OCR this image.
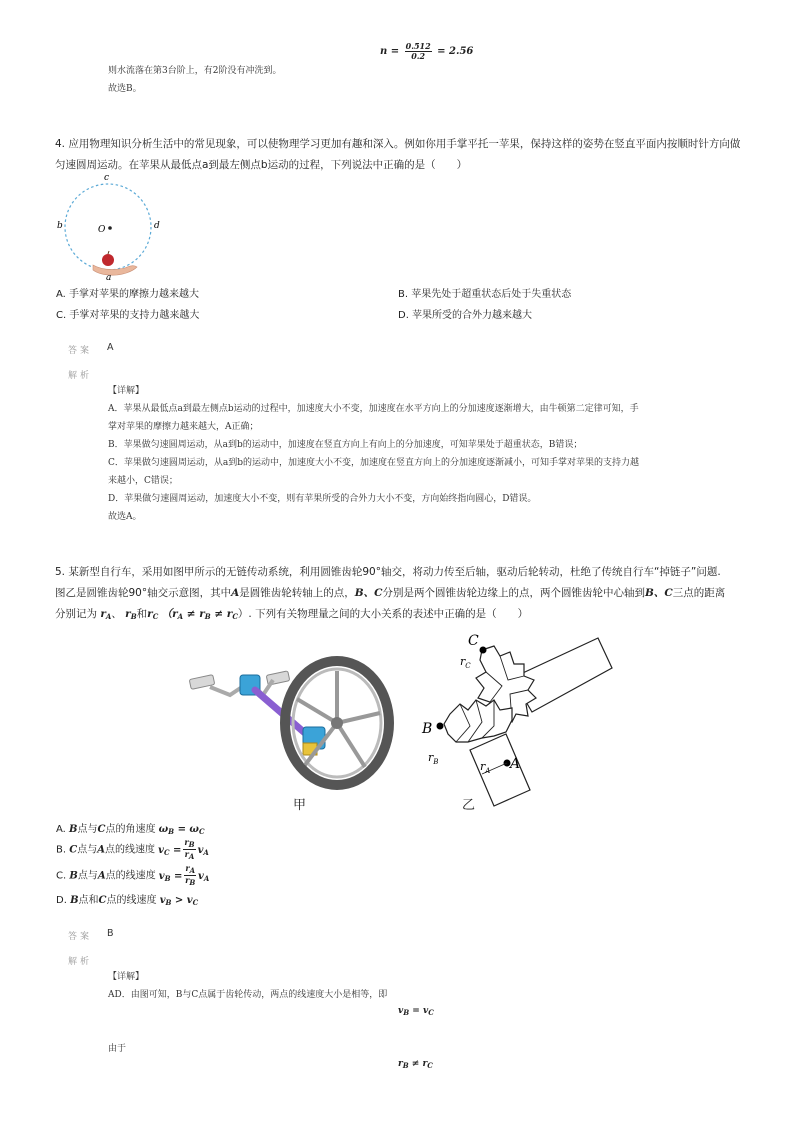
$n = \frac{0.512}{0.2} = 2.56$
则水流落在第3台阶上，有2阶没有冲洗到。
故选B。
4. 应用物理知识分析生活中的常见现象，可以使物理学习更加有趣和深入。例如你用手掌平托一苹果，保持这样的姿势在竖直平面内按顺时针方向做
匀速圆周运动。在苹果从最低点a到最左侧点b运动的过程，下列说法中正确的是（　　）
c
b	d
O
a
A. 手掌对苹果的摩擦力越来越大	B. 苹果先处于超重状态后处于失重状态
C. 手掌对苹果的支持力越来越大	D. 苹果所受的合外力越来越大
答案 A
解析
【详解】
A．苹果从最低点a到最左侧点b运动的过程中，加速度大小不变，加速度在水平方向上的分加速度逐渐增大，由牛顿第二定律可知，手
掌对苹果的摩擦力越来越大，A正确；
B．苹果做匀速圆周运动，从a到b的运动中，加速度在竖直方向上有向上的分加速度，可知苹果处于超重状态，B错误；
C．苹果做匀速圆周运动，从a到b的运动中，加速度大小不变，加速度在竖直方向上的分加速度逐渐减小，可知手掌对苹果的支持力越
来越小，C错误；
D．苹果做匀速圆周运动，加速度大小不变，则有苹果所受的合外力大小不变，方向始终指向圆心，D错误。
故选A。
5. 某新型自行车，采用如图甲所示的无链传动系统，利用圆锥齿轮90°轴交，将动力传至后轴，驱动后轮转动，杜绝了传统自行车“掉链子”问题.
图乙是圆锥齿轮90°轴交示意图，其中A是圆锥齿轮转轴上的点，B、C分别是两个圆锥齿轮边缘上的点，两个圆锥齿轮中心轴到B、C三点的距离
分别记为 $r_A$、 $r_B$和$r_C$ $(r_A \ne r_B \ne r_C)$. 下列有关物理量之间的大小关系的表述中正确的是（　　）
甲
C
$r_C$
B
$r_B$	$r_A$ A
乙
A. B点与C点的角速度 $\omega_B = \omega_C$
B. C点与A点的线速度 $v_C = \frac{rB}{rA} v_A$
C. B点与A点的线速度 $v_B = \frac{rA}{rB} v_A$
D. B点和C点的线速度 $v_B > v_C$
答案 B
解析
【详解】
AD．由图可知，B与C点属于齿轮传动，两点的线速度大小是相等，即
$v_B = v_C$
由于
$r_B \ne r_C$
